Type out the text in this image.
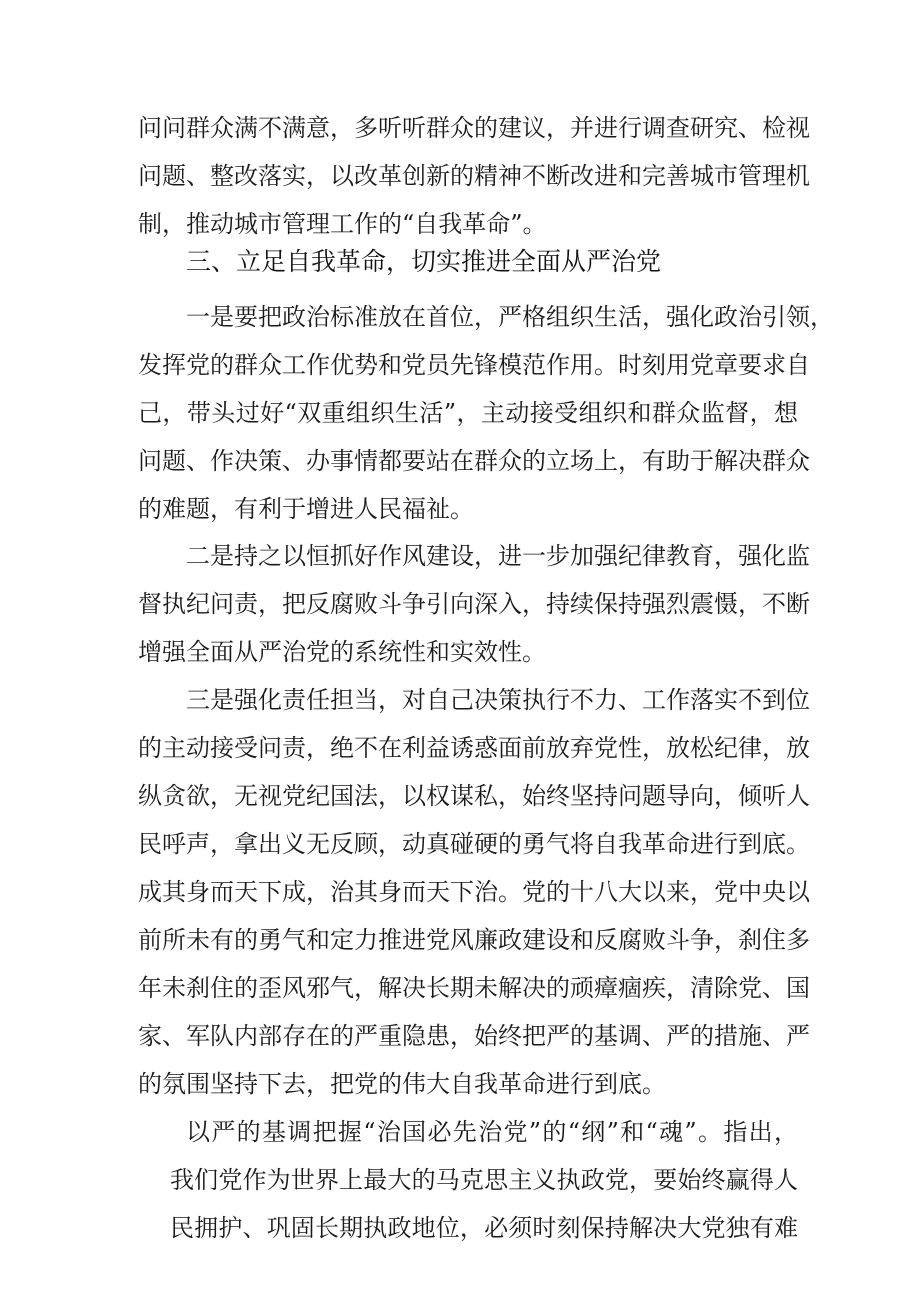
问问群众满不满意，多听听群众的建议，并进行调查研究、检视
问题、整改落实，以改革创新的精神不断改进和完善城市管理机
制，推动城市管理工作的“自我革命”。
三、立足自我革命，切实推进全面从严治党
一是要把政治标准放在首位，严格组织生活，强化政治引领，
发挥党的群众工作优势和党员先锋模范作用。时刻用党章要求自
己，带头过好“双重组织生活”，主动接受组织和群众监督，想
问题、作决策、办事情都要站在群众的立场上，有助于解决群众
的难题，有利于增进人民福祉。
二是持之以恒抓好作风建设，进一步加强纪律教育，强化监
督执纪问责，把反腐败斗争引向深入，持续保持强烈震慑，不断
增强全面从严治党的系统性和实效性。
三是强化责任担当，对自己决策执行不力、工作落实不到位
的主动接受问责，绝不在利益诱惑面前放弃党性，放松纪律，放
纵贪欲，无视党纪国法，以权谋私，始终坚持问题导向，倾听人
民呼声，拿出义无反顾，动真碰硬的勇气将自我革命进行到底。
成其身而天下成，治其身而天下治。党的十八大以来，党中央以
前所未有的勇气和定力推进党风廉政建设和反腐败斗争，刹住多
年未刹住的歪风邪气，解决长期未解决的顽瘴痼疾，清除党、国
家、军队内部存在的严重隐患，始终把严的基调、严的措施、严
的氛围坚持下去，把党的伟大自我革命进行到底。
以严的基调把握“治国必先治党”的“纲”和“魂”。指出，
我们党作为世界上最大的马克思主义执政党，要始终赢得人
民拥护、巩固长期执政地位，必须时刻保持解决大党独有难
